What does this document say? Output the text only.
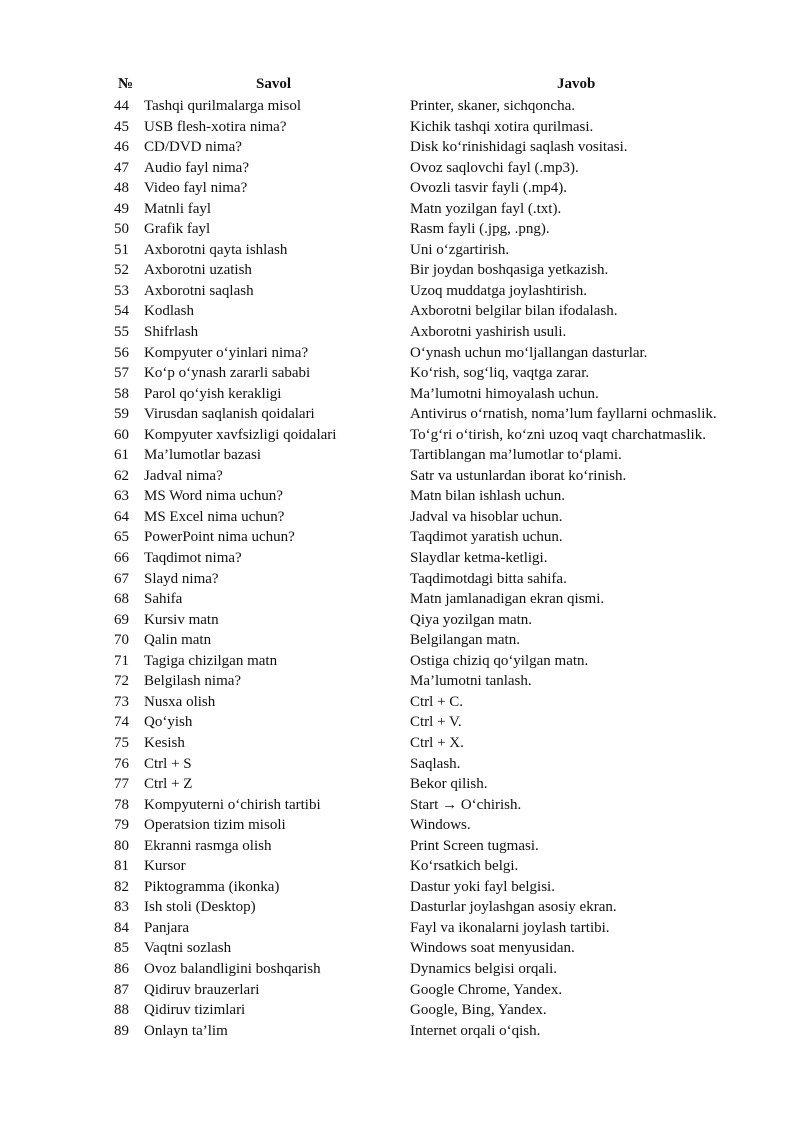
№	Savol	Javob
44 Tashqi qurilmalarga misol	Printer, skaner, sichqoncha.
45 USB flesh-xotira nima?	Kichik tashqi xotira qurilmasi.
46 CD/DVD nima?	Disk ko‘rinishidagi saqlash vositasi.
47 Audio fayl nima?	Ovoz saqlovchi fayl (.mp3).
48 Video fayl nima?	Ovozli tasvir fayli (.mp4).
49 Matnli fayl	Matn yozilgan fayl (.txt).
50 Grafik fayl	Rasm fayli (.jpg, .png).
51 Axborotni qayta ishlash	Uni o‘zgartirish.
52 Axborotni uzatish	Bir joydan boshqasiga yetkazish.
53 Axborotni saqlash	Uzoq muddatga joylashtirish.
54 Kodlash	Axborotni belgilar bilan ifodalash.
55 Shifrlash	Axborotni yashirish usuli.
56 Kompyuter o‘yinlari nima?	O‘ynash uchun mo‘ljallangan dasturlar.
57 Ko‘p o‘ynash zararli sababi	Ko‘rish, sog‘liq, vaqtga zarar.
58 Parol qo‘yish kerakligi	Ma’lumotni himoyalash uchun.
59 Virusdan saqlanish qoidalari	Antivirus o‘rnatish, noma’lum fayllarni ochmaslik.
60 Kompyuter xavfsizligi qoidalari	To‘g‘ri o‘tirish, ko‘zni uzoq vaqt charchatmaslik.
61 Ma’lumotlar bazasi	Tartiblangan ma’lumotlar to‘plami.
62 Jadval nima?	Satr va ustunlardan iborat ko‘rinish.
63 MS Word nima uchun?	Matn bilan ishlash uchun.
64 MS Excel nima uchun?	Jadval va hisoblar uchun.
65 PowerPoint nima uchun?	Taqdimot yaratish uchun.
66 Taqdimot nima?	Slaydlar ketma-ketligi.
67 Slayd nima?	Taqdimotdagi bitta sahifa.
68 Sahifa	Matn jamlanadigan ekran qismi.
69 Kursiv matn	Qiya yozilgan matn.
70 Qalin matn	Belgilangan matn.
71 Tagiga chizilgan matn	Ostiga chiziq qo‘yilgan matn.
72 Belgilash nima?	Ma’lumotni tanlash.
73 Nusxa olish	Ctrl + C.
74 Qo‘yish	Ctrl + V.
75 Kesish	Ctrl + X.
76 Ctrl + S	Saqlash.
77 Ctrl + Z	Bekor qilish.
78 Kompyuterni o‘chirish tartibi	Start → O‘chirish.
79 Operatsion tizim misoli	Windows.
80 Ekranni rasmga olish	Print Screen tugmasi.
81 Kursor	Ko‘rsatkich belgi.
82 Piktogramma (ikonka)	Dastur yoki fayl belgisi.
83 Ish stoli (Desktop)	Dasturlar joylashgan asosiy ekran.
84 Panjara	Fayl va ikonalarni joylash tartibi.
85 Vaqtni sozlash	Windows soat menyusidan.
86 Ovoz balandligini boshqarish	Dynamics belgisi orqali.
87 Qidiruv brauzerlari	Google Chrome, Yandex.
88 Qidiruv tizimlari	Google, Bing, Yandex.
89 Onlayn ta’lim	Internet orqali o‘qish.
